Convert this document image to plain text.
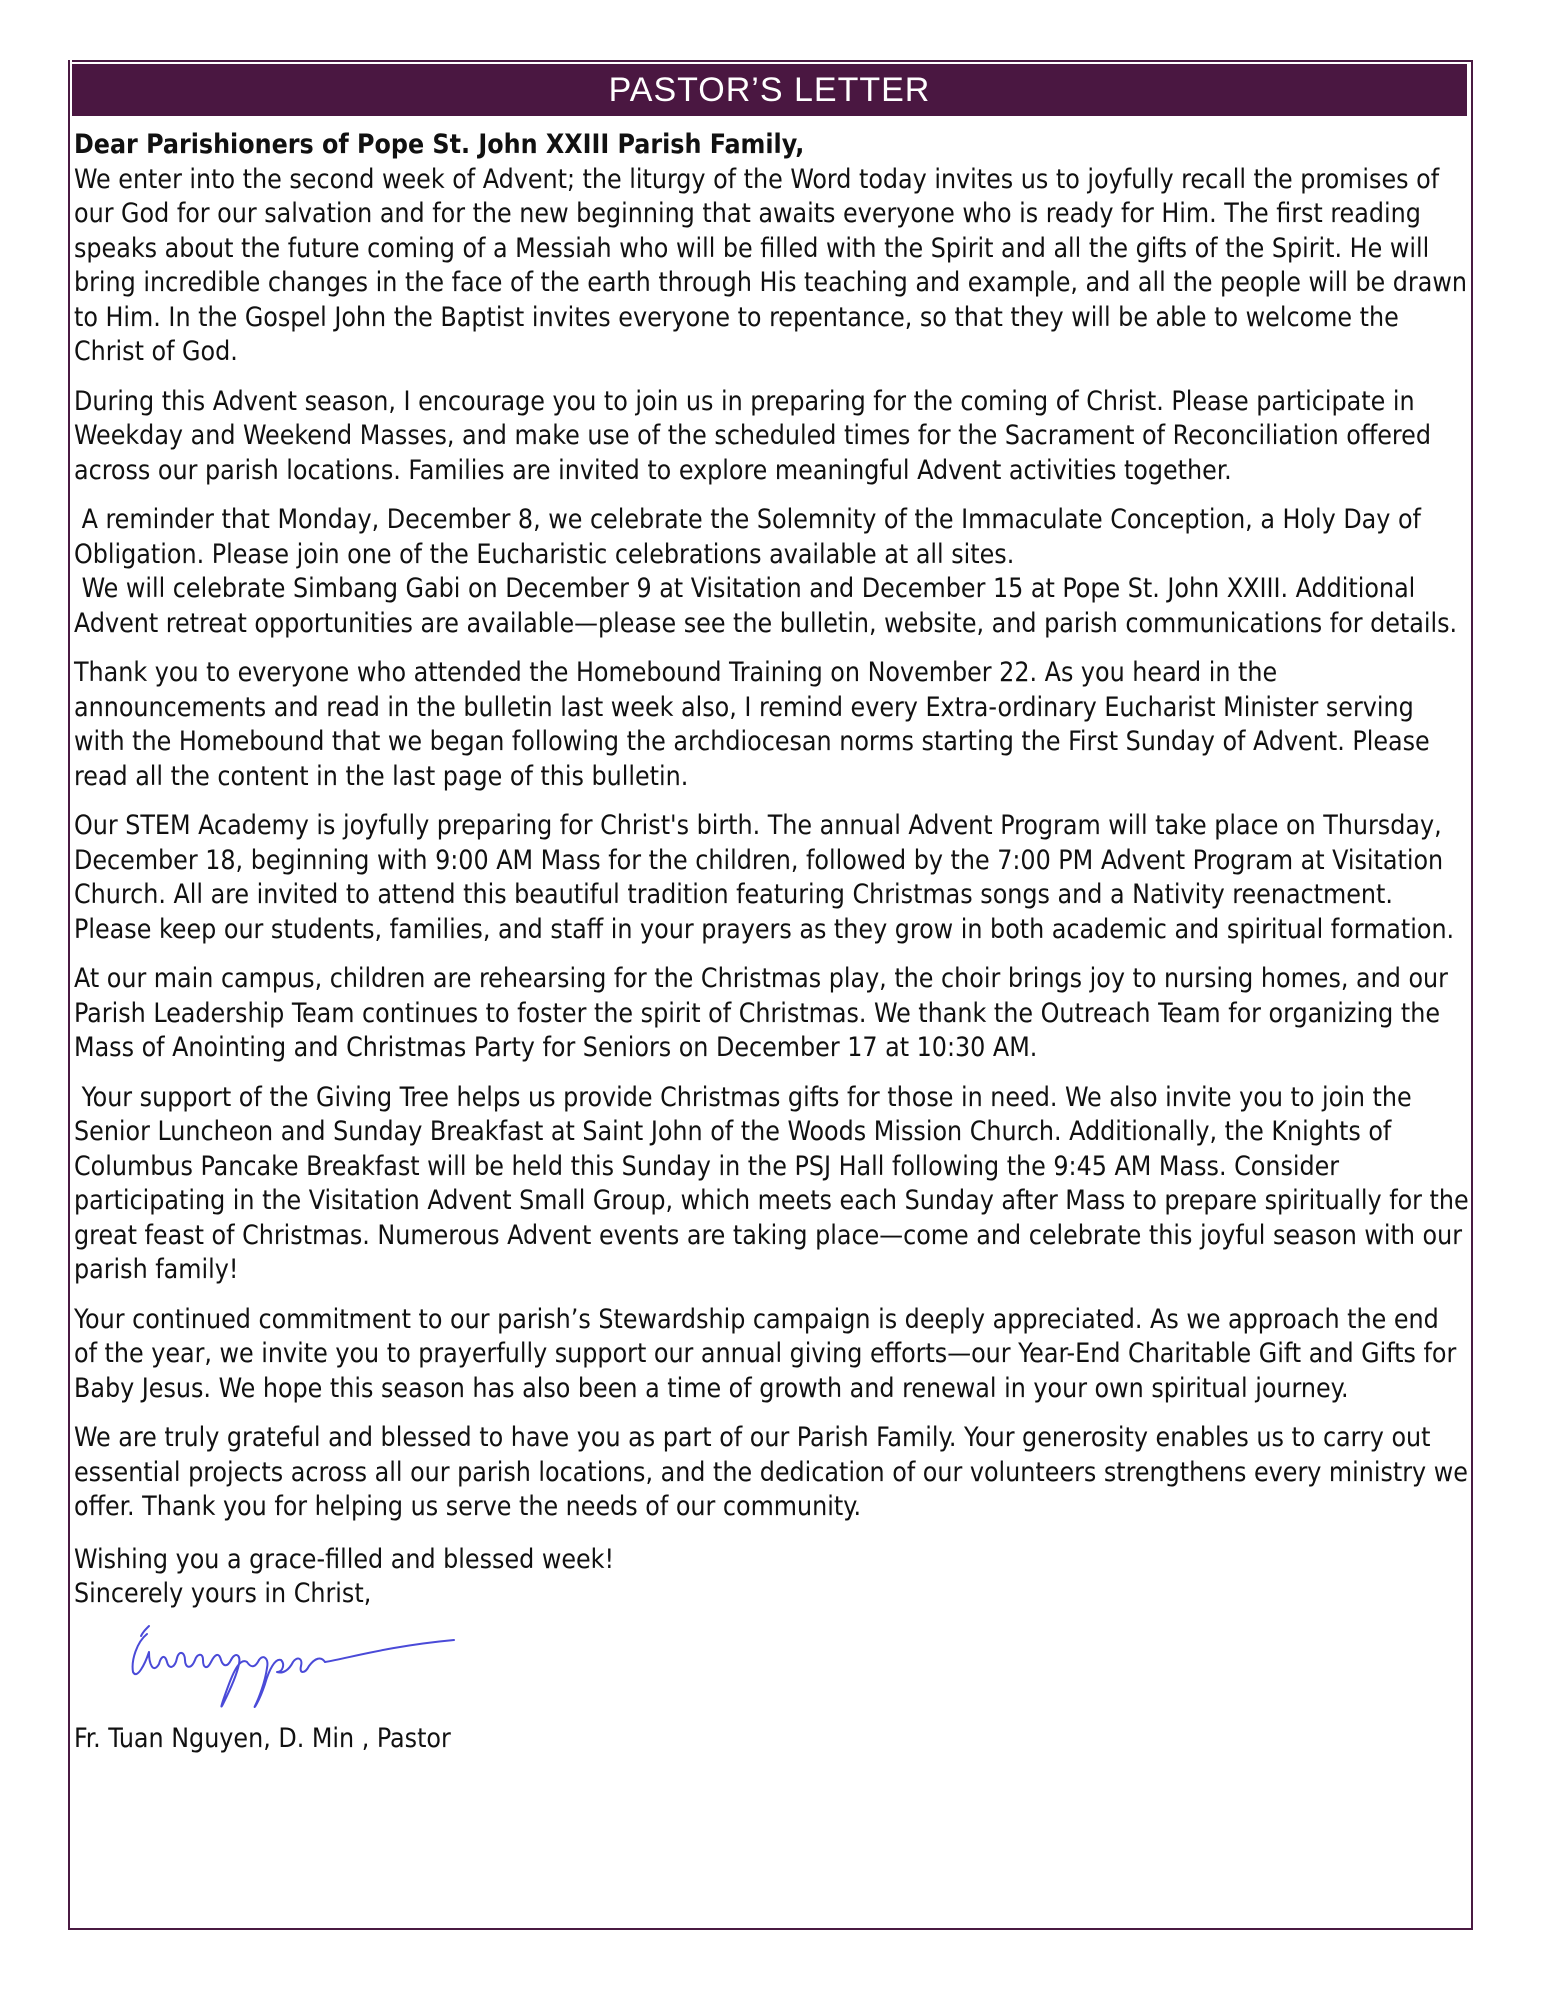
PASTOR’S LETTER

Dear Parishioners of Pope St. John XXIII Parish Family,

We enter into the second week of Advent; the liturgy of the Word today invites us to joyfully recall the promises of our God for our salvation and for the new beginning that awaits everyone who is ready for Him. The first reading speaks about the future coming of a Messiah who will be filled with the Spirit and all the gifts of the Spirit. He will bring incredible changes in the face of the earth through His teaching and example, and all the people will be drawn to Him. In the Gospel John the Baptist invites everyone to repentance, so that they will be able to welcome the Christ of God.

During this Advent season, I encourage you to join us in preparing for the coming of Christ. Please participate in Weekday and Weekend Masses, and make use of the scheduled times for the Sacrament of Reconciliation offered across our parish locations. Families are invited to explore meaningful Advent activities together.

A reminder that Monday, December 8, we celebrate the Solemnity of the Immaculate Conception, a Holy Day of Obligation. Please join one of the Eucharistic celebrations available at all sites.

We will celebrate Simbang Gabi on December 9 at Visitation and December 15 at Pope St. John XXIII. Additional Advent retreat opportunities are available—please see the bulletin, website, and parish communications for details.

Thank you to everyone who attended the Homebound Training on November 22. As you heard in the announcements and read in the bulletin last week also, I remind every Extra-ordinary Eucharist Minister serving with the Homebound that we began following the archdiocesan norms starting the First Sunday of Advent. Please read all the content in the last page of this bulletin.

Our STEM Academy is joyfully preparing for Christ's birth. The annual Advent Program will take place on Thursday, December 18, beginning with 9:00 AM Mass for the children, followed by the 7:00 PM Advent Program at Visitation Church. All are invited to attend this beautiful tradition featuring Christmas songs and a Nativity reenactment.  Please keep our students, families, and staff in your prayers as they grow in both academic and spiritual formation.

At our main campus, children are rehearsing for the Christmas play, the choir brings joy to nursing homes, and our Parish Leadership Team continues to foster the spirit of Christmas. We thank the Outreach Team for organizing the Mass of Anointing and Christmas Party for Seniors on December 17 at 10:30 AM.

Your support of the Giving Tree helps us provide Christmas gifts for those in need. We also invite you to join the Senior Luncheon and Sunday Breakfast at Saint John of the Woods Mission Church. Additionally, the Knights of Columbus Pancake Breakfast will be held this Sunday in the PSJ Hall following the 9:45 AM Mass. Consider participating in the Visitation Advent Small Group, which meets each Sunday after Mass to prepare spiritually for the great feast of Christmas. Numerous Advent events are taking place—come and celebrate this joyful season with our parish family!

Your continued commitment to our parish’s Stewardship campaign is deeply appreciated. As we approach the end of the year, we invite you to prayerfully support our annual giving efforts—our Year-End Charitable Gift and Gifts for Baby Jesus. We hope this season has also been a time of growth and renewal in your own spiritual journey.

We are truly grateful and blessed to have you as part of our Parish Family. Your generosity enables us to carry out essential projects across all our parish locations, and the dedication of our volunteers strengthens every ministry we offer. Thank you for helping us serve the needs of our community.

Wishing you a grace-filled and blessed week!

Sincerely yours in Christ,

Fr. Tuan Nguyen, D. Min , Pastor
